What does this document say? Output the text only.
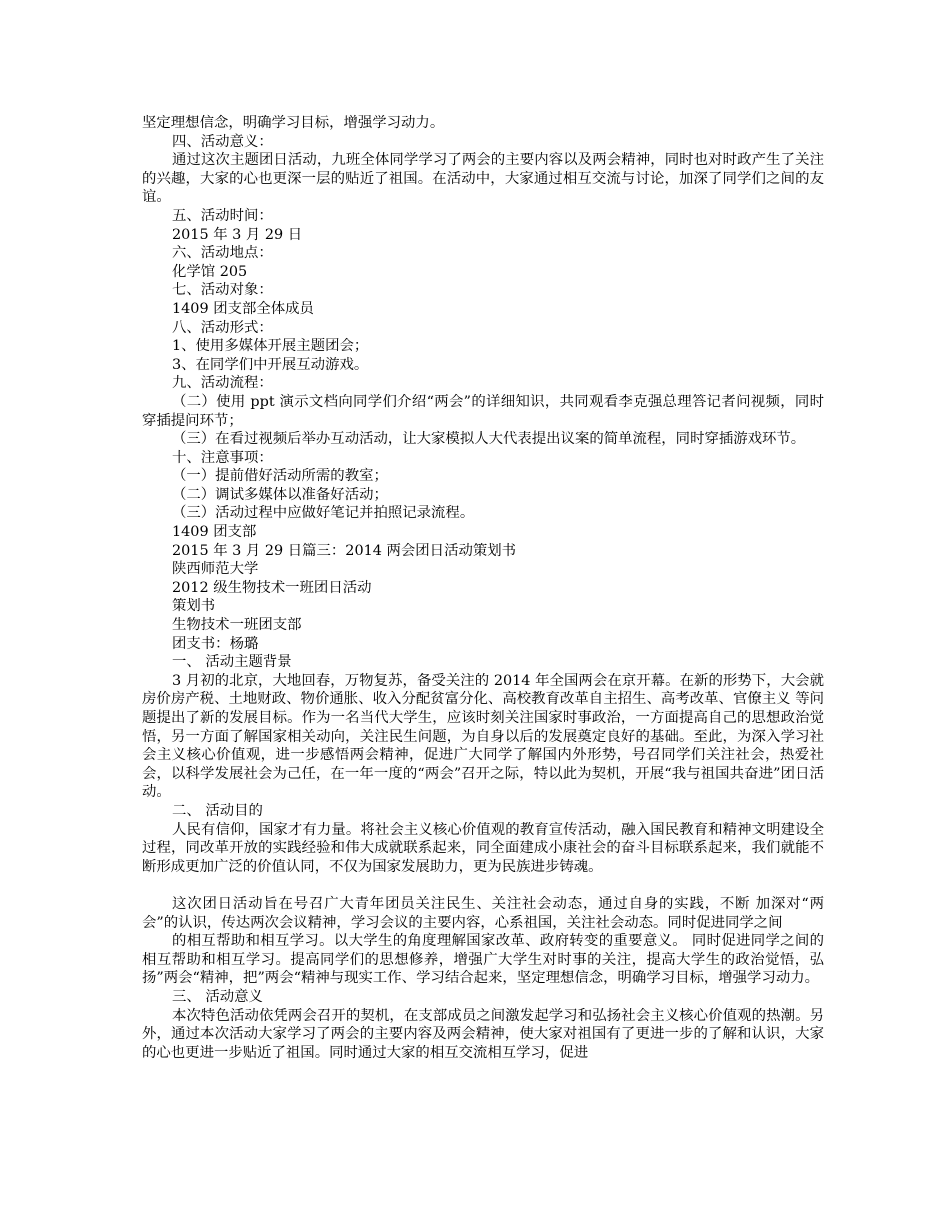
坚定理想信念，明确学习目标，增强学习动力。

四、活动意义：

通过这次主题团日活动，九班全体同学学习了两会的主要内容以及两会精神，同时也对时政产生了关注的兴趣，大家的心也更深一层的贴近了祖国。在活动中，大家通过相互交流与讨论，加深了同学们之间的友谊。

五、活动时间：

2015 年 3 月 29 日

六、活动地点：

化学馆 205

七、活动对象：

1409 团支部全体成员

八、活动形式：

1、使用多媒体开展主题团会；

3、在同学们中开展互动游戏。

九、活动流程：

（二）使用 ppt 演示文档向同学们介绍“两会”的详细知识，共同观看李克强总理答记者问视频，同时穿插提问环节；

（三）在看过视频后举办互动活动，让大家模拟人大代表提出议案的简单流程，同时穿插游戏环节。

十、注意事项：

（一）提前借好活动所需的教室；

（二）调试多媒体以准备好活动；

（三）活动过程中应做好笔记并拍照记录流程。

1409 团支部

2015 年 3 月 29 日篇三：2014 两会团日活动策划书

陕西师范大学

2012 级生物技术一班团日活动

策划书

生物技术一班团支部

团支书：杨璐

一、 活动主题背景

3 月初的北京，大地回春，万物复苏，备受关注的 2014 年全国两会在京开幕。在新的形势下，大会就房价房产税、土地财政、物价通胀、收入分配贫富分化、高校教育改革自主招生、高考改革、官僚主义 等问题提出了新的发展目标。作为一名当代大学生，应该时刻关注国家时事政治，一方面提高自己的思想政治觉悟，另一方面了解国家相关动向，关注民生问题，为自身以后的发展奠定良好的基础。至此，为深入学习社会主义核心价值观，进一步感悟两会精神，促进广大同学了解国内外形势，号召同学们关注社会，热爱社会，以科学发展社会为己任，在一年一度的“两会”召开之际，特以此为契机，开展“我与祖国共奋进”团日活动。

二、 活动目的

人民有信仰，国家才有力量。将社会主义核心价值观的教育宣传活动，融入国民教育和精神文明建设全过程，同改革开放的实践经验和伟大成就联系起来，同全面建成小康社会的奋斗目标联系起来，我们就能不断形成更加广泛的价值认同，不仅为国家发展助力，更为民族进步铸魂。

这次团日活动旨在号召广大青年团员关注民生、关注社会动态，通过自身的实践，不断 加深对“两会”的认识，传达两次会议精神，学习会议的主要内容，心系祖国，关注社会动态。同时促进同学之间

的相互帮助和相互学习。以大学生的角度理解国家改革、政府转变的重要意义。 同时促进同学之间的相互帮助和相互学习。提高同学们的思想修养，增强广大学生对时事的关注，提高大学生的政治觉悟，弘扬”两会“精神，把”两会“精神与现实工作、学习结合起来，坚定理想信念，明确学习目标，增强学习动力。

三、 活动意义

本次特色活动依凭两会召开的契机，在支部成员之间激发起学习和弘扬社会主义核心价值观的热潮。另外，通过本次活动大家学习了两会的主要内容及两会精神，使大家对祖国有了更进一步的了解和认识，大家的心也更进一步贴近了祖国。同时通过大家的相互交流相互学习，促进
